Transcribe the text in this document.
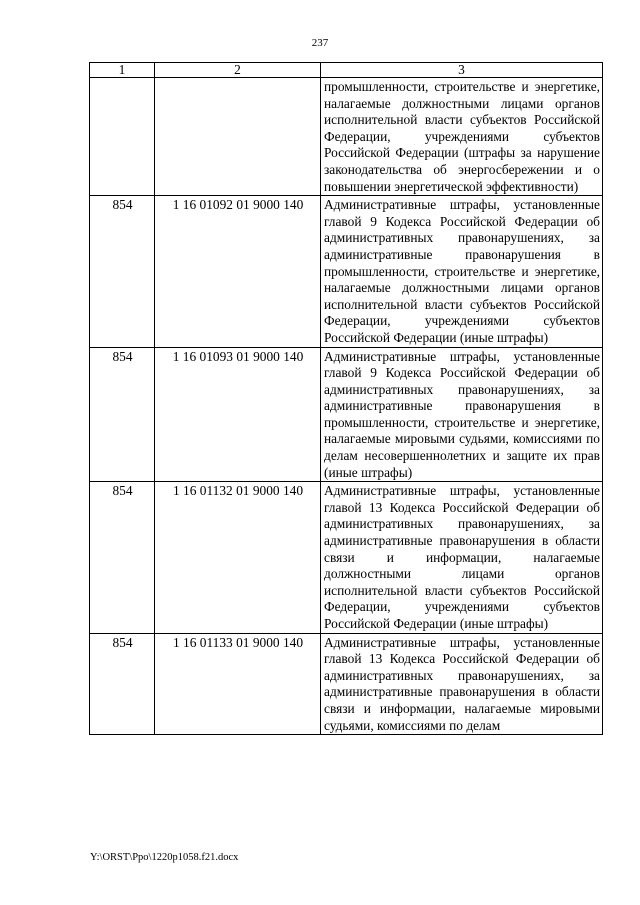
237
1	2	3
		промышленности, строительстве и энергетике, налагаемые должностными лицами органов исполнительной власти субъектов Российской Федерации, учреждениями субъектов Российской Федерации (штрафы за нарушение законодательства об энергосбережении и о повышении энергетической эффективности)
854	1 16 01092 01 9000 140	Административные штрафы, установленные главой 9 Кодекса Российской Федерации об административных правонарушениях, за административные правонарушения в промышленности, строительстве и энергетике, налагаемые должностными лицами органов исполнительной власти субъектов Российской Федерации, учреждениями субъектов Российской Федерации (иные штрафы)
854	1 16 01093 01 9000 140	Административные штрафы, установленные главой 9 Кодекса Российской Федерации об административных правонарушениях, за административные правонарушения в промышленности, строительстве и энергетике, налагаемые мировыми судьями, комиссиями по делам несовершеннолетних и защите их прав (иные штрафы)
854	1 16 01132 01 9000 140	Административные штрафы, установленные главой 13 Кодекса Российской Федерации об административных правонарушениях, за административные правонарушения в области связи и информации, налагаемые должностными лицами органов исполнительной власти субъектов Российской Федерации, учреждениями субъектов Российской Федерации (иные штрафы)
854	1 16 01133 01 9000 140	Административные штрафы, установленные главой 13 Кодекса Российской Федерации об административных правонарушениях, за административные правонарушения в области связи и информации, налагаемые мировыми судьями, комиссиями по делам
Y:\ORST\Ppo\1220p1058.f21.docx
